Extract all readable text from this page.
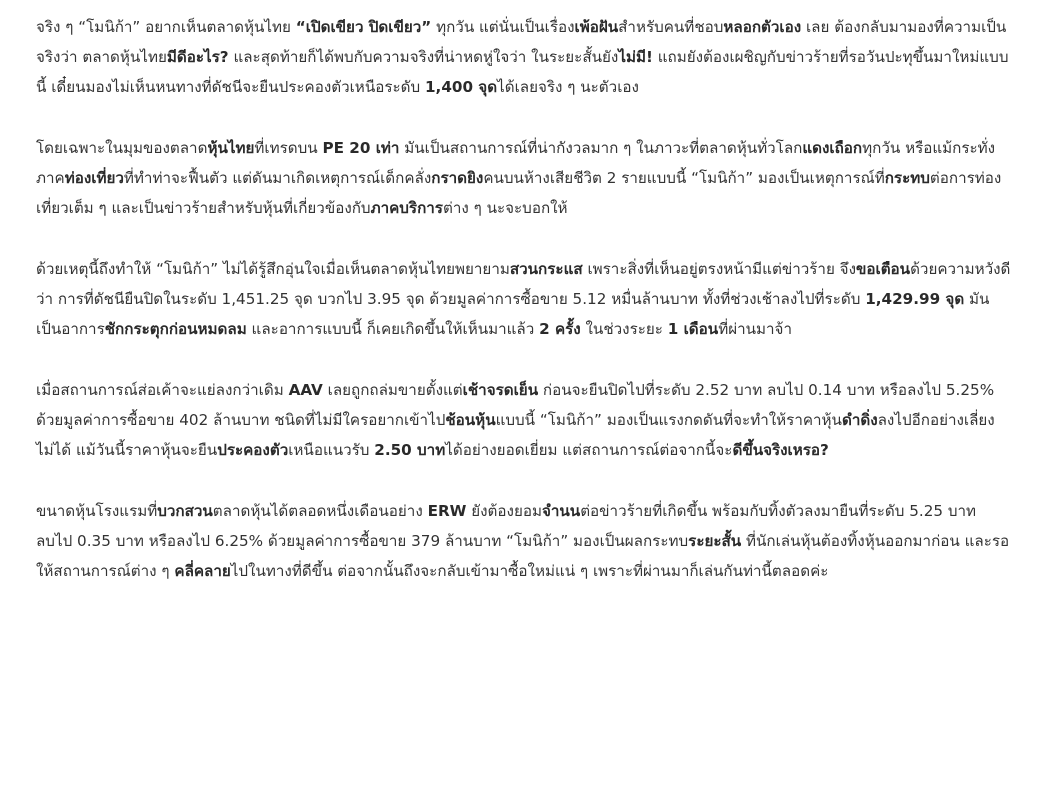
จริง ๆ “โมนิก้า” อยากเห็นตลาดหุ้นไทย “เปิดเขียว ปิดเขียว” ทุกวัน แต่นั่นเป็นเรื่องเพ้อฝันสำหรับคนที่ชอบหลอกตัวเอง เลย ต้องกลับมามองที่ความเป็นจริงว่า ตลาดหุ้นไทยมีดีอะไร? และสุดท้ายก็ได้พบกับความจริงที่น่าหดหู่ใจว่า ในระยะสั้นยังไม่มี! แถมยังต้องเผชิญกับข่าวร้ายที่รอวันปะทุขึ้นมาใหม่แบบนี้ เดี๋ยนมองไม่เห็นหนทางที่ดัชนีจะยืนประคองตัวเหนือระดับ 1,400 จุดได้เลยจริง ๆ นะตัวเอง

โดยเฉพาะในมุมของตลาดหุ้นไทยที่เทรดบน PE 20 เท่า มันเป็นสถานการณ์ที่น่ากังวลมาก ๆ ในภาวะที่ตลาดหุ้นทั่วโลกแดงเถือกทุกวัน หรือแม้กระทั่งภาคท่องเที่ยวที่ทำท่าจะฟื้นตัว แต่ดันมาเกิดเหตุการณ์เด็กคลั่งกราดยิงคนบนห้างเสียชีวิต 2 รายแบบนี้ “โมนิก้า” มองเป็นเหตุการณ์ที่กระทบต่อการท่องเที่ยวเต็ม ๆ และเป็นข่าวร้ายสำหรับหุ้นที่เกี่ยวข้องกับภาคบริการต่าง ๆ นะจะบอกให้

ด้วยเหตุนี้ถึงทำให้ “โมนิก้า” ไม่ได้รู้สึกอุ่นใจเมื่อเห็นตลาดหุ้นไทยพยายามสวนกระแส เพราะสิ่งที่เห็นอยู่ตรงหน้ามีแต่ข่าวร้าย จึงขอเตือนด้วยความหวังดีว่า การที่ดัชนียืนปิดในระดับ 1,451.25 จุด บวกไป 3.95 จุด ด้วยมูลค่าการซื้อขาย 5.12 หมื่นล้านบาท ทั้งที่ช่วงเช้าลงไปที่ระดับ 1,429.99 จุด มันเป็นอาการชักกระตุกก่อนหมดลม และอาการแบบนี้ ก็เคยเกิดขึ้นให้เห็นมาแล้ว 2 ครั้ง ในช่วงระยะ 1 เดือนที่ผ่านมาจ้า

เมื่อสถานการณ์ส่อเค้าจะแย่ลงกว่าเดิม AAV เลยถูกถล่มขายตั้งแต่เช้าจรดเย็น ก่อนจะยืนปิดไปที่ระดับ 2.52 บาท ลบไป 0.14 บาท หรือลงไป 5.25% ด้วยมูลค่าการซื้อขาย 402 ล้านบาท ชนิดที่ไม่มีใครอยากเข้าไปช้อนหุ้นแบบนี้ “โมนิก้า” มองเป็นแรงกดดันที่จะทำให้ราคาหุ้นดำดิ่งลงไปอีกอย่างเลี่ยงไม่ได้ แม้วันนี้ราคาหุ้นจะยืนประคองตัวเหนือแนวรับ 2.50 บาทได้อย่างยอดเยี่ยม แต่สถานการณ์ต่อจากนี้จะดีขึ้นจริงเหรอ?

ขนาดหุ้นโรงแรมที่บวกสวนตลาดหุ้นได้ตลอดหนึ่งเดือนอย่าง ERW ยังต้องยอมจำนนต่อข่าวร้ายที่เกิดขึ้น พร้อมกับทิ้งตัวลงมายืนที่ระดับ 5.25 บาท ลบไป 0.35 บาท หรือลงไป 6.25% ด้วยมูลค่าการซื้อขาย 379 ล้านบาท “โมนิก้า” มองเป็นผลกระทบระยะสั้น ที่นักเล่นหุ้นต้องทิ้งหุ้นออกมาก่อน และรอให้สถานการณ์ต่าง ๆ คลี่คลายไปในทางที่ดีขึ้น ต่อจากนั้นถึงจะกลับเข้ามาซื้อใหม่แน่ ๆ เพราะที่ผ่านมาก็เล่นกันท่านี้ตลอดค่ะ
